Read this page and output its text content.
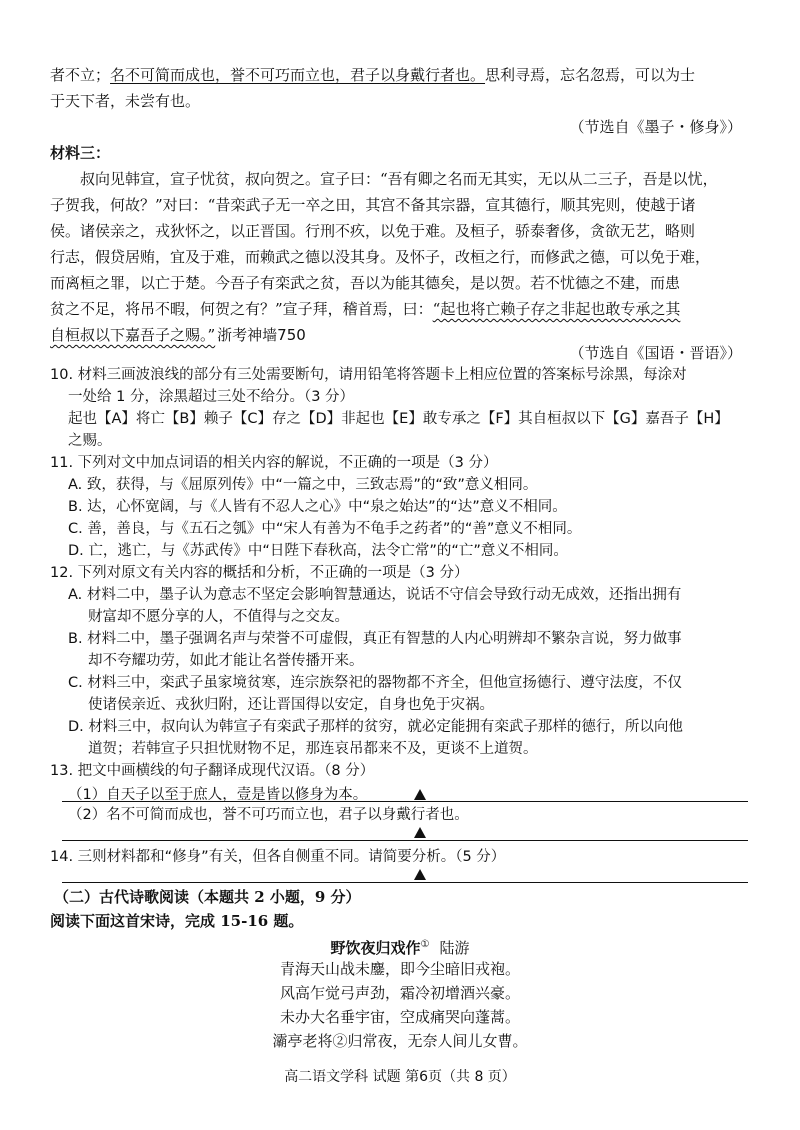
者不立；名不可简而成也，誉不可巧而立也，君子以身戴行者也。思利寻焉，忘名忽焉，可以为士
于天下者，未尝有也。
（节选自《墨子・修身》）
材料三：
叔向见韩宣，宣子忧贫，叔向贺之。宣子曰：“吾有卿之名而无其实，无以从二三子，吾是以忧，
子贺我，何故？”对曰：“昔栾武子无一卒之田，其宫不备其宗器，宣其德行，顺其宪则，使越于诸
侯。诸侯亲之，戎狄怀之，以正晋国。行刑不疚，以免于难。及桓子，骄泰奢侈，贪欲无艺，略则
行志，假贷居贿，宜及于难，而赖武之德以没其身。及怀子，改桓之行，而修武之德，可以免于难，
而离桓之罪，以亡于楚。今吾子有栾武之贫，吾以为能其德矣，是以贺。若不忧德之不建，而患
贫之不足，将吊不暇，何贺之有？”宣子拜，稽首焉，曰：“起也将亡赖子存之非起也敢专承之其
自桓叔以下嘉吾子之赐。” 浙考神墙750
（节选自《国语・晋语》）
10. 材料三画波浪线的部分有三处需要断句，请用铅笔将答题卡上相应位置的答案标号涂黑，每涂对
一处给 1 分，涂黑超过三处不给分。（3 分）
起也【A】将亡【B】赖子【C】存之【D】非起也【E】敢专承之【F】其自桓叔以下【G】嘉吾子【H】
之赐。
11. 下列对文中加点词语的相关内容的解说，不正确的一项是（3 分）
A. 致，获得，与《屈原列传》中“一篇之中，三致志焉”的“致”意义相同。
B. 达，心怀宽阔，与《人皆有不忍人之心》中“泉之始达”的“达”意义不相同。
C. 善，善良，与《五石之瓠》中“宋人有善为不龟手之药者”的“善”意义不相同。
D. 亡，逃亡，与《苏武传》中“日陛下春秋高，法令亡常”的“亡”意义不相同。
12. 下列对原文有关内容的概括和分析，不正确的一项是（3 分）
A. 材料二中，墨子认为意志不坚定会影响智慧通达，说话不守信会导致行动无成效，还指出拥有
财富却不愿分享的人，不值得与之交友。
B. 材料二中，墨子强调名声与荣誉不可虚假，真正有智慧的人内心明辨却不繁杂言说，努力做事
却不夸耀功劳，如此才能让名誉传播开来。
C. 材料三中，栾武子虽家境贫寒，连宗族祭祀的器物都不齐全，但他宣扬德行、遵守法度，不仅
使诸侯亲近、戎狄归附，还让晋国得以安定，自身也免于灾祸。
D. 材料三中，叔向认为韩宣子有栾武子那样的贫穷，就必定能拥有栾武子那样的德行，所以向他
道贺；若韩宣子只担忧财物不足，那连哀吊都来不及，更谈不上道贺。
13. 把文中画横线的句子翻译成现代汉语。（8 分）
（1）自天子以至于庶人，壹是皆以修身为本。
（2）名不可简而成也，誉不可巧而立也，君子以身戴行者也。
14. 三则材料都和“修身”有关，但各自侧重不同。请简要分析。（5 分）
（二）古代诗歌阅读（本题共 2 小题，9 分）
阅读下面这首宋诗，完成 15-16 题。
野饮夜归戏作① 陆游
青海天山战未鏖，即今尘暗旧戎袍。
风高乍觉弓声劲，霜冷初增酒兴豪。
未办大名垂宇宙，空成痛哭向蓬蒿。
灞亭老将②归常夜，无奈人间儿女曹。
高二语文学科 试题 第6页（共 8 页）
